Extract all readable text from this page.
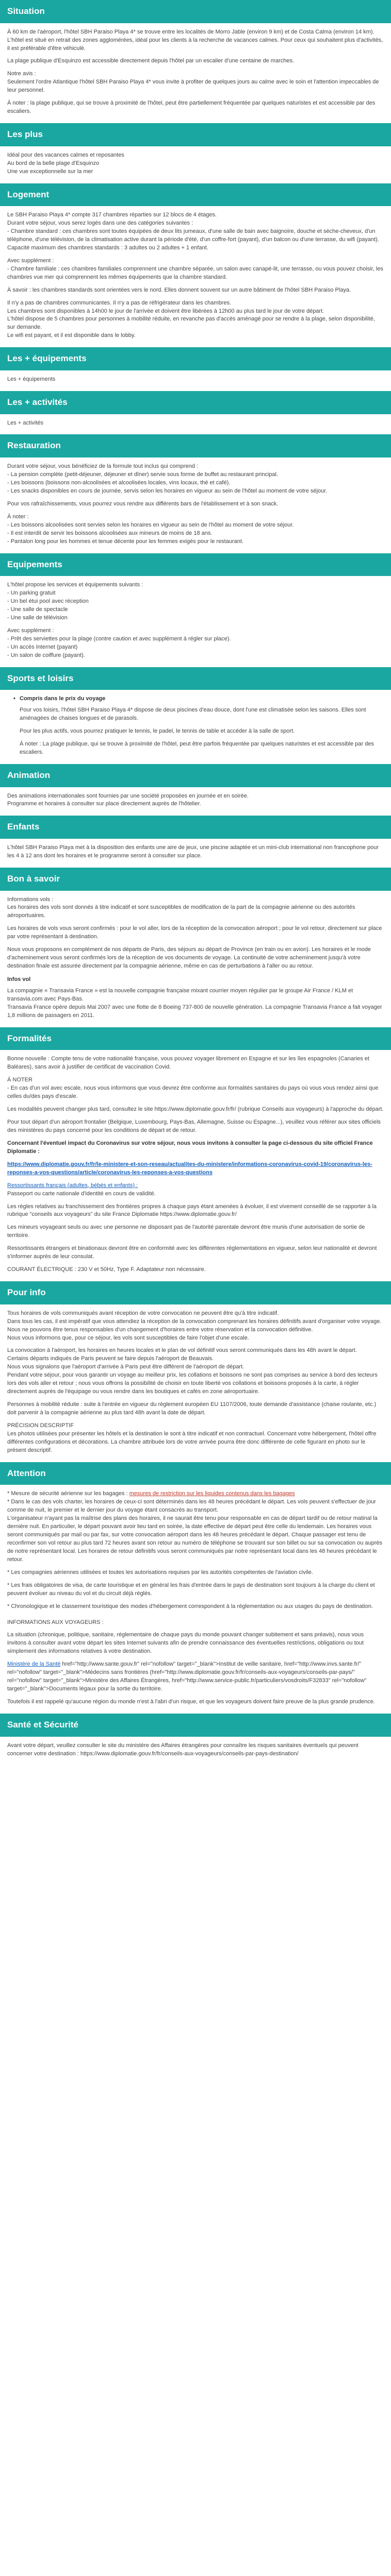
Situation

À 60 km de l'aéroport, l'hôtel SBH Paraiso Playa 4* se trouve entre les localités de Morro Jable (environ 9 km) et de Costa Calma (environ 14 km). L'hôtel est situé en retrait des zones agglomérées, idéal pour les clients à la recherche de vacances calmes. Pour ceux qui souhaitent plus d'activités, il est préférable d'être véhiculé.

La plage publique d'Esquinzo est accessible directement depuis l'hôtel par un escalier d'une centaine de marches.

Notre avis :

Seulement l'ordre Atlantique l'hôtel SBH Paraiso Playa 4* vous invite à profiter de quelques jours au calme avec le soin et l'attention impeccables de leur personnel.

À noter : la plage publique, qui se trouve à proximité de l'hôtel, peut être partiellement fréquentée par quelques naturistes et est accessible par des escaliers.

Les plus
Idéal pour des vacances calmes et reposantes
Au bord de la belle plage d'Esquinzo
Une vue exceptionnelle sur la mer
Logement

Le SBH Paraiso Playa 4* compte 317 chambres réparties sur 12 blocs de 4 étages.

Durant votre séjour, vous serez logés dans une des catégories suivantes :

- Chambre standard : ces chambres sont toutes équipées de deux lits jumeaux, d'une salle de bain avec baignoire, douche et sèche-cheveux, d'un téléphone, d'une télévision, de la climatisation active durant la période d'été, d'un coffre-fort (payant), d'un balcon ou d'une terrasse, du wifi (payant). Capacité maximum des chambres standards : 3 adultes ou 2 adultes + 1 enfant.

Avec supplément :

- Chambre familiale : ces chambres familiales comprennent une chambre séparée, un salon avec canapé-lit, une terrasse, ou vous pouvez choisir, les chambres vue mer qui comprennent les mêmes équipements que la chambre standard.

À savoir : les chambres standards sont orientées vers le nord. Elles donnent souvent sur un autre bâtiment de l'hôtel SBH Paraiso Playa.

Il n'y a pas de chambres communicantes. Il n'y a pas de réfrigérateur dans les chambres.

Les chambres sont disponibles à 14h00 le jour de l'arrivée et doivent être libérées à 12h00 au plus tard le jour de votre départ.

L'hôtel dispose de 5 chambres pour personnes à mobilité réduite, en revanche pas d'accès aménagé pour se rendre à la plage, selon disponibilité, sur demande.

Le wifi est payant, et il est disponible dans le lobby.

Les + équipements

Les + équipements

Les + activités

Les + activités

Restauration

Durant votre séjour, vous bénéficiez de la formule tout inclus qui comprend :

- La pension complète (petit-déjeuner, déjeuner et dîner) servie sous forme de buffet au restaurant principal.

- Les boissons (boissons non-alcoolisées et alcoolisées locales, vins locaux, thé et café).

- Les snacks disponibles en cours de journée, servis selon les horaires en vigueur au sein de l'hôtel au moment de votre séjour.

Pour vos rafraîchissements, vous pourrez vous rendre aux différents bars de l'établissement et à son snack.

À noter :

- Les boissons alcoolisées sont servies selon les horaires en vigueur au sein de l'hôtel au moment de votre séjour.

- Il est interdit de servir les boissons alcoolisées aux mineurs de moins de 18 ans.

- Pantalon long pour les hommes et tenue décente pour les femmes exigés pour le restaurant.

Equipements

L'hôtel propose les services et équipements suivants :

- Un parking gratuit

- Un bel étui pool avec réception

- Une salle de spectacle

- Une salle de télévision

Avec supplément :

- Prêt des serviettes pour la plage (contre caution et avec supplément à régler sur place).

- Un accès Internet (payant)

- Un salon de coiffure (payant).

Sports et loisirs
• Compris dans le prix du voyage

Pour vos loisirs, l'hôtel SBH Paraiso Playa 4* dispose de deux piscines d'eau douce, dont l'une est climatisée selon les saisons. Elles sont aménagées de chaises longues et de parasols.

Pour les plus actifs, vous pourrez pratiquer le tennis, le padel, le tennis de table et accéder à la salle de sport.

À noter : La plage publique, qui se trouve à proximité de l'hôtel, peut être parfois fréquentée par quelques naturistes et est accessible par des escaliers.

Animation

Des animations internationales sont fournies par une société proposées en journée et en soirée.

Programme et horaires à consulter sur place directement auprès de l'hôtelier.

Enfants

L'hôtel SBH Paraiso Playa met à la disposition des enfants une aire de jeux, une piscine adaptée et un mini-club international non francophone pour les 4 à 12 ans dont les horaires et le programme seront à consulter sur place.

Bon à savoir

Informations vols :

Les horaires des vols sont donnés à titre indicatif et sont susceptibles de modification de la part de la compagnie aérienne ou des autorités aéroportuaires.

Les horaires de vols vous seront confirmés : pour le vol aller, lors de la réception de la convocation aéroport ; pour le vol retour, directement sur place par votre représentant à destination.

Nous vous proposons en complément de nos départs de Paris, des séjours au départ de Province (en train ou en avion). Les horaires et le mode d'acheminement vous seront confirmés lors de la réception de vos documents de voyage. La continuité de votre acheminement jusqu'à votre destination finale est assurée directement par la compagnie aérienne, même en cas de perturbations à l'aller ou au retour.

Infos vol

La compagnie « Transavia France » est la nouvelle compagnie française mixant courrier moyen régulier par le groupe Air France / KLM et transavia.com avec Pays-Bas.

Transavia France opère depuis Mai 2007 avec une flotte de 8 Boeing 737-800 de nouvelle génération. La compagnie Transavia France a fait voyager 1,8 millions de passagers en 2011.

Formalités

Bonne nouvelle : Compte tenu de votre nationalité française, vous pouvez voyager librement en Espagne et sur les îles espagnoles (Canaries et Baléares), sans avoir à justifier de certificat de vaccination Covid.

À NOTER

- En cas d'un vol avec escale, nous vous informons que vous devrez être conforme aux formalités sanitaires du pays où vous vous rendez ainsi que celles du/des pays d'escale.

Les modalités peuvent changer plus tard, consultez le site https://www.diplomatie.gouv.fr/fr/ (rubrique Conseils aux voyageurs) à l'approche du départ.

Pour tout départ d'un aéroport frontalier (Belgique, Luxembourg, Pays-Bas, Allemagne, Suisse ou Espagne...), veuillez vous référer aux sites officiels des ministères du pays concerné pour les conditions de départ et de retour.

Concernant l'éventuel impact du Coronavirus sur votre séjour, nous vous invitons à consulter la page ci-dessous du site officiel France Diplomatie :

https://www.diplomatie.gouv.fr/fr/le-ministere-et-son-reseau/actualites-du-ministere/informations-coronavirus-covid-19/coronavirus-les-reponses-a-vos-questions/article/coronavirus-les-reponses-a-vos-questions

Ressortissants français (adultes, bébés et enfants) :

Passeport ou carte nationale d'identité en cours de validité.

Les règles relatives au franchissement des frontières propres à chaque pays étant amenées à évoluer, il est vivement conseillé de se rapporter à la rubrique "conseils aux voyageurs" du site France Diplomatie https://www.diplomatie.gouv.fr/

Les mineurs voyageant seuls ou avec une personne ne disposant pas de l'autorité parentale devront être munis d'une autorisation de sortie de territoire.

Ressortissants étrangers et binationaux devront être en conformité avec les différentes réglementations en vigueur, selon leur nationalité et devront s'informer auprès de leur consulat.

COURANT ÉLECTRIQUE : 230 V et 50Hz, Type F. Adaptateur non nécessaire.

Pour info

Tous horaires de vols communiqués avant réception de votre convocation ne peuvent être qu'à titre indicatif.

Dans tous les cas, il est impératif que vous attendiez la réception de la convocation comprenant les horaires définitifs avant d'organiser votre voyage.

Nous ne pouvons être tenus responsables d'un changement d'horaires entre votre réservation et la convocation définitive.

Nous vous informons que, pour ce séjour, les vols sont susceptibles de faire l'objet d'une escale.

La convocation à l'aéroport, les horaires en heures locales et le plan de vol définitif vous seront communiqués dans les 48h avant le départ.

Certains départs indiqués de Paris peuvent se faire depuis l'aéroport de Beauvais.

Nous vous signalons que l'aéroport d'arrivée à Paris peut être différent de l'aéroport de départ.

Pendant votre séjour, pour vous garantir un voyage au meilleur prix, les collations et boissons ne sont pas comprises au service à bord des lecteurs lors des vols aller et retour ; nous vous offrons la possibilité de choisir en toute liberté vos collations et boissons proposés à la carte, à régler directement auprès de l'équipage ou vous rendre dans les boutiques et cafés en zone aéroportuaire.

Personnes à mobilité réduite : suite à l'entrée en vigueur du règlement européen EU 1107/2006, toute demande d'assistance (chaise roulante, etc.) doit parvenir à la compagnie aérienne au plus tard 48h avant la date de départ.

PRÉCISION DESCRIPTIF

Les photos utilisées pour présenter les hôtels et la destination le sont à titre indicatif et non contractuel. Concernant votre hébergement, l'hôtel offre différentes configurations et décorations. La chambre attribuée lors de votre arrivée pourra être donc différente de celle figurant en photo sur le présent descriptif.

Attention

* Mesure de sécurité aérienne sur les bagages : mesures de restriction sur les liquides contenus dans les bagages

* Dans le cas des vols charter, les horaires de ceux-ci sont déterminés dans les 48 heures précédant le départ. Les vols peuvent s'effectuer de jour comme de nuit, le premier et le dernier jour du voyage étant consacrés au transport.

L'organisateur n'ayant pas la maîtrise des plans des horaires, il ne saurait être tenu pour responsable en cas de départ tardif ou de retour matinal la dernière nuit. En particulier, le départ pouvant avoir lieu tard en soirée, la date effective de départ peut être celle du lendemain. Les horaires vous seront communiqués par mail ou par fax, sur votre convocation aéroport dans les 48 heures précédant le départ. Chaque passager est tenu de reconfirmer son vol retour au plus tard 72 heures avant son retour au numéro de téléphone se trouvant sur son billet ou sur sa convocation ou auprès de notre représentant local. Les horaires de retour définitifs vous seront communiqués par notre représentant local dans les 48 heures précédant le retour.

* Les compagnies aériennes utilisées et toutes les autorisations requises par les autorités compétentes de l'aviation civile.

* Les frais obligatoires de visa, de carte touristique et en général les frais d'entrée dans le pays de destination sont toujours à la charge du client et peuvent évoluer au niveau du vol et du circuit déjà réglés.

* Chronologique et le classement touristique des modes d'hébergement correspondent à la réglementation ou aux usages du pays de destination.

INFORMATIONS AUX VOYAGEURS :

La situation (chronique, politique, sanitaire, réglementaire de chaque pays du monde pouvant changer subitement et sans préavis), nous vous invitons à consulter avant votre départ les sites Internet suivants afin de prendre connaissance des éventuelles restrictions, obligations ou tout simplement des informations relatives à votre destination.

Ministère de la Santé href="http://www.sante.gouv.fr" rel="nofollow" target="_blank">Institut de veille sanitaire, href="http://www.invs.sante.fr/" rel="nofollow" target="_blank">Médecins sans frontières (href="http://www.diplomatie.gouv.fr/fr/conseils-aux-voyageurs/conseils-par-pays/" rel="nofollow" target="_blank">Ministère des Affaires Étrangères, href="http://www.service-public.fr/particuliers/vosdroits/F32833" rel="nofollow" target="_blank">Documents légaux pour la sortie du territoire.

Toutefois il est rappelé qu'aucune région du monde n'est à l'abri d'un risque, et que les voyageurs doivent faire preuve de la plus grande prudence.

Santé et Sécurité

Avant votre départ, veuillez consulter le site du ministère des Affaires étrangères pour connaître les risques sanitaires éventuels qui peuvent concerner votre destination : https://www.diplomatie.gouv.fr/fr/conseils-aux-voyageurs/conseils-par-pays-destination/
